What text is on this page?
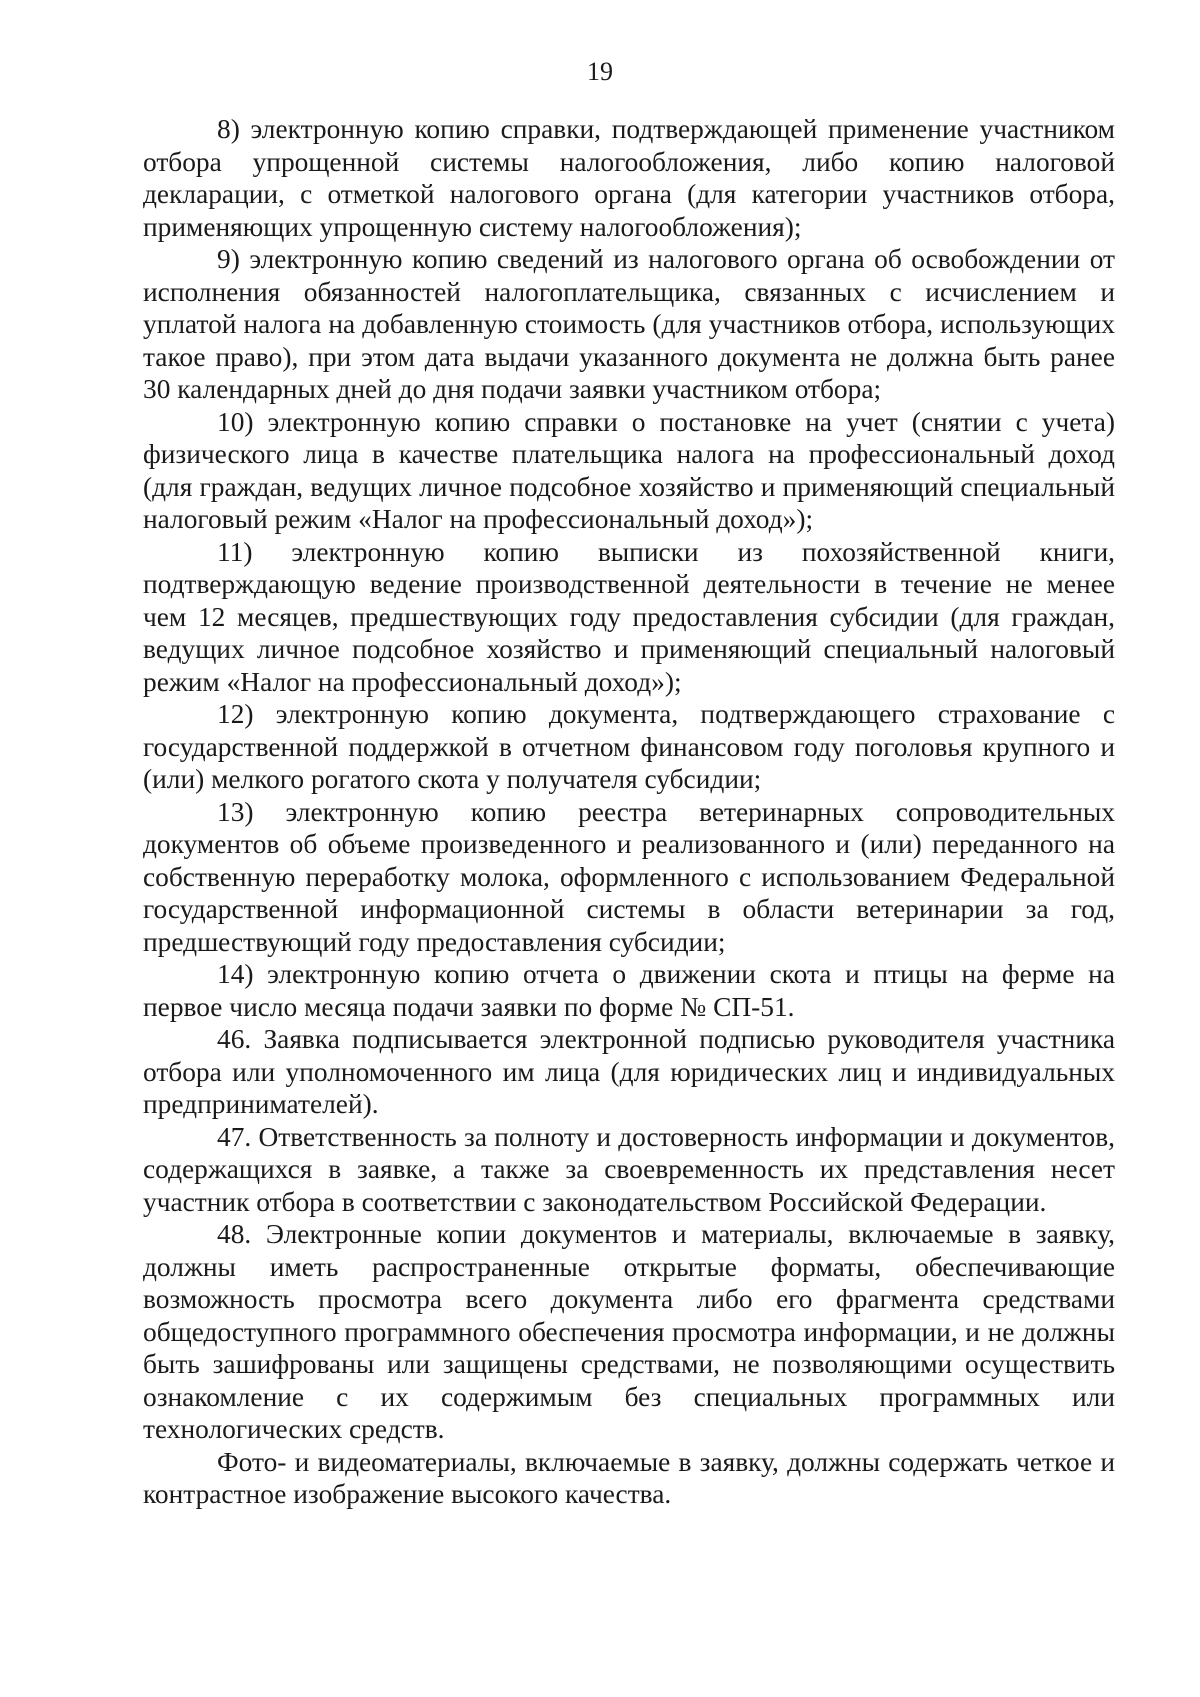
19

8) электронную копию справки, подтверждающей применение участником отбора упрощенной системы налогообложения, либо копию налоговой декларации, с отметкой налогового органа (для категории участников отбора, применяющих упрощенную систему налогообложения);

9) электронную копию сведений из налогового органа об освобождении от исполнения обязанностей налогоплательщика, связанных с исчислением и уплатой налога на добавленную стоимость (для участников отбора, использующих такое право), при этом дата выдачи указанного документа не должна быть ранее 30 календарных дней до дня подачи заявки участником отбора;

10) электронную копию справки о постановке на учет (снятии с учета) физического лица в качестве плательщика налога на профессиональный доход (для граждан, ведущих личное подсобное хозяйство и применяющий специальный налоговый режим «Налог на профессиональный доход»);

11) электронную копию выписки из похозяйственной книги, подтверждающую ведение производственной деятельности в течение не менее чем 12 месяцев, предшествующих году предоставления субсидии (для граждан, ведущих личное подсобное хозяйство и применяющий специальный налоговый режим «Налог на профессиональный доход»);

12) электронную копию документа, подтверждающего страхование с государственной поддержкой в отчетном финансовом году поголовья крупного и (или) мелкого рогатого скота у получателя субсидии;

13) электронную копию реестра ветеринарных сопроводительных документов об объеме произведенного и реализованного и (или) переданного на собственную переработку молока, оформленного с использованием Федеральной государственной информационной системы в области ветеринарии за год, предшествующий году предоставления субсидии;

14) электронную копию отчета о движении скота и птицы на ферме на первое число месяца подачи заявки по форме № СП-51.

46. Заявка подписывается электронной подписью руководителя участника отбора или уполномоченного им лица (для юридических лиц и индивидуальных предпринимателей).

47. Ответственность за полноту и достоверность информации и документов, содержащихся в заявке, а также за своевременность их представления несет участник отбора в соответствии с законодательством Российской Федерации.

48. Электронные копии документов и материалы, включаемые в заявку, должны иметь распространенные открытые форматы, обеспечивающие возможность просмотра всего документа либо его фрагмента средствами общедоступного программного обеспечения просмотра информации, и не должны быть зашифрованы или защищены средствами, не позволяющими осуществить ознакомление с их содержимым без специальных программных или технологических средств.

Фото- и видеоматериалы, включаемые в заявку, должны содержать четкое и контрастное изображение высокого качества.
